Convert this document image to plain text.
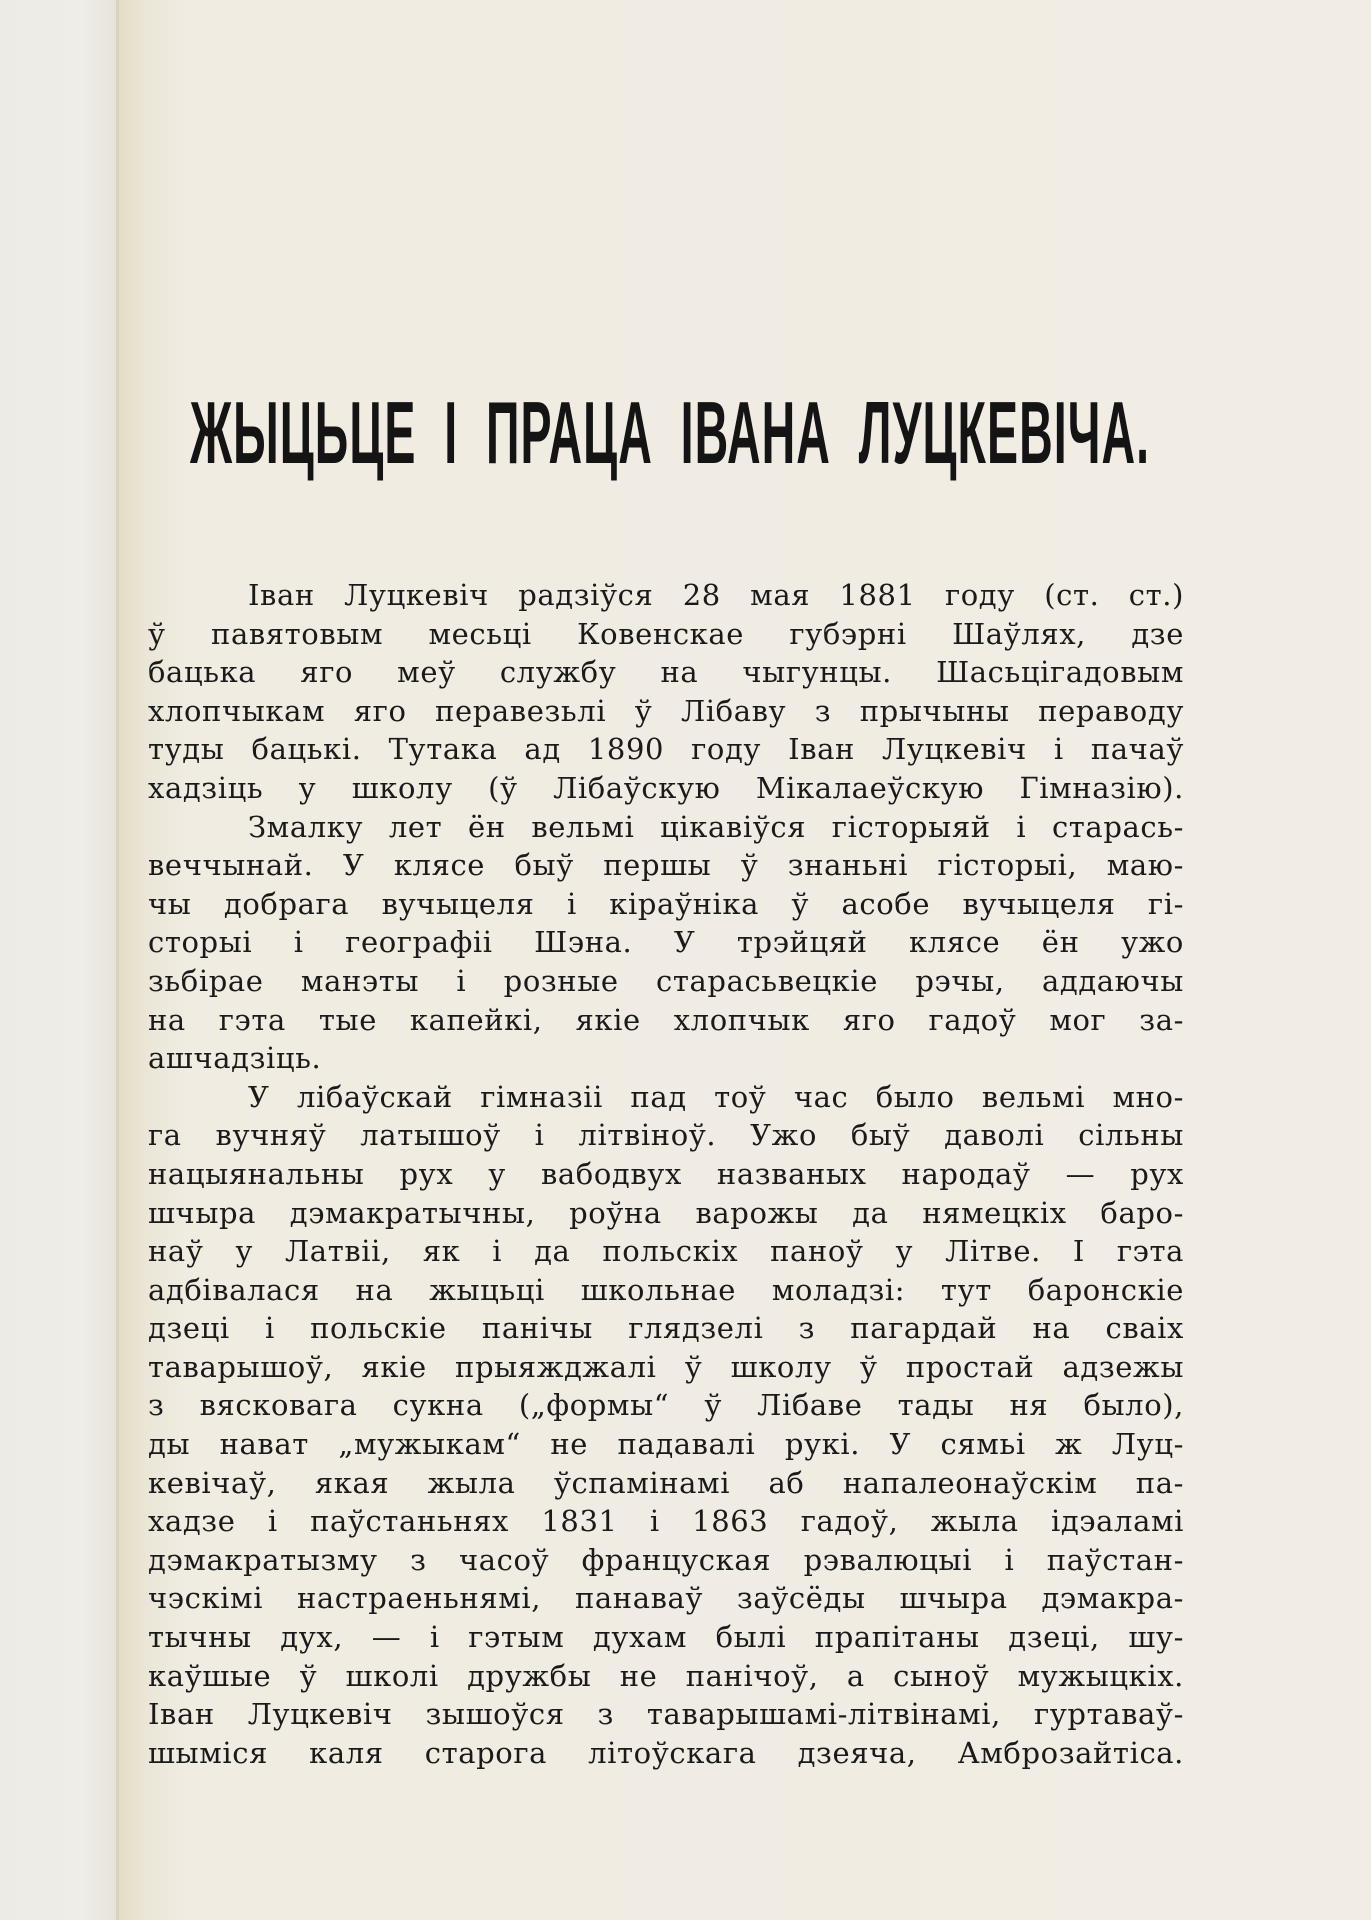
ЖЫЦЬЦЕ І ПРАЦА ІВАНА ЛУЦКЕВІЧА.
Іван Луцкевіч радзіўся 28 мая 1881 году (ст. ст.)
ў павятовым месьці Ковенскае губэрні Шаўлях, дзе
бацька яго меў службу на чыгунцы. Шасьцігадовым
хлопчыкам яго перавезьлі ў Лібаву з прычыны пераводу
туды бацькі. Тутака ад 1890 году Іван Луцкевіч і пачаў
хадзіць у школу (ў Лібаўскую Мікалаеўскую Гімназію).
Змалку лет ён вельмі цікавіўся гісторыяй і старась-
веччынай. У клясе быў першы ў знаньні гісторыі, маю-
чы добрага вучыцеля і кіраўніка ў асобе вучыцеля гі-
сторыі і географіі Шэна. У трэйцяй клясе ён ужо
зьбірае манэты і розные старасьвецкіе рэчы, аддаючы
на гэта тые капейкі, якіе хлопчык яго гадоў мог за-
ашчадзіць.
У лібаўскай гімназіі пад тоў час было вельмі мно-
га вучняў латышоў і літвіноў. Ужо быў даволі сільны
нацыянальны рух у вабодвух названых народаў — рух
шчыра дэмакратычны, роўна варожы да нямецкіх баро-
наў у Латвіі, як і да польскіх паноў у Літве. І гэта
адбівалася на жыцьці школьнае моладзі: тут баронскіе
дзеці і польскіе панічы глядзелі з пагардай на сваіх
таварышоў, якіе прыяжджалі ў школу ў простай адзежы
з вясковага сукна („формы“ ў Лібаве тады ня было),
ды нават „мужыкам“ не падавалі рукі. У сямьі ж Луц-
кевічаў, якая жыла ўспамінамі аб напалеонаўскім па-
хадзе і паўстаньнях 1831 і 1863 гадоў, жыла ідэаламі
дэмакратызму з часоў француская рэвалюцыі і паўстан-
чэскімі настраеньнямі, панаваў заўсёды шчыра дэмакра-
тычны дух, — і гэтым духам былі прапітаны дзеці, шу-
каўшые ў школі дружбы не панічоў, а сыноў мужыцкіх.
Іван Луцкевіч зышоўся з таварышамі-літвінамі, гуртаваў-
шыміся каля старога літоўскага дзеяча, Амброзайтіса.
